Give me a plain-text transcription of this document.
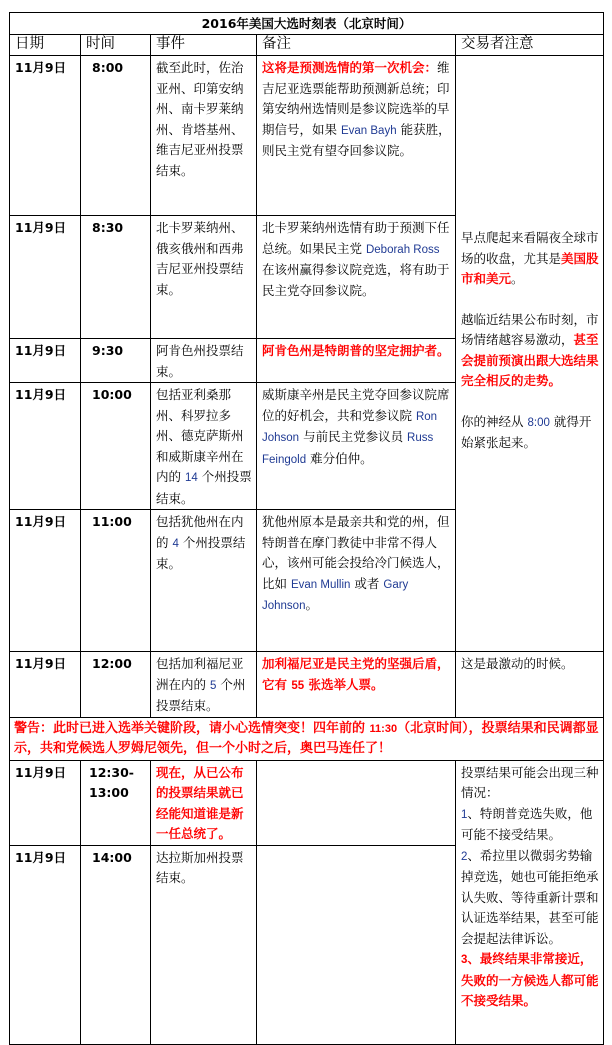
2016年美国大选时刻表（北京时间）				
日期	时间	事件	备注	交易者注意
11月9日	8:00	截至此时，佐治亚州、印第安纳州、南卡罗莱纳州、肯塔基州、维吉尼亚州投票结束。	这将是预测选情的第一次机会：维吉尼亚选票能帮助预测新总统；印第安纳州选情则是参议院选举的早期信号，如果 Evan Bayh 能获胜，则民主党有望夺回参议院。	早点爬起来看隔夜全球市场的收盘，尤其是美国股市和美元。

越临近结果公布时刻，市场情绪越容易激动，甚至会提前预演出跟大选结果完全相反的走势。

你的神经从 8:00 就得开始紧张起来。

11月9日	8:30	北卡罗莱纳州、俄亥俄州和西弗吉尼亚州投票结束。	北卡罗莱纳州选情有助于预测下任总统。如果民主党 Deborah Ross 在该州赢得参议院竞选，将有助于民主党夺回参议院。	
11月9日	9:30	阿肯色州投票结束。	阿肯色州是特朗普的坚定拥护者。	
11月9日	10:00	包括亚利桑那州、科罗拉多州、德克萨斯州和威斯康辛州在内的 14 个州投票结束。	威斯康辛州是民主党夺回参议院席位的好机会，共和党参议院 Ron Johson 与前民主党参议员 Russ Feingold 难分伯仲。	
11月9日	11:00	包括犹他州在内的 4 个州投票结束。	犹他州原本是最亲共和党的州，但特朗普在摩门教徒中非常不得人心，该州可能会投给冷门候选人，比如 Evan Mullin 或者 Gary Johnson。	
11月9日	12:00	包括加利福尼亚洲在内的 5 个州投票结束。	加利福尼亚是民主党的坚强后盾，它有 55 张选举人票。	这是最激动的时候。
警告：此时已进入选举关键阶段，请小心选情突变！四年前的 11:30（北京时间），投票结果和民调都显示，共和党候选人罗姆尼领先，但一个小时之后，奥巴马连任了！				
11月9日	12:30-13:00	现在，从已公布的投票结果就已经能知道谁是新一任总统了。		投票结果可能会出现三种情况：

1、特朗普竞选失败，他可能不接受结果。

2、希拉里以微弱劣势输掉竞选，她也可能拒绝承认失败、等待重新计票和认证选举结果，甚至可能会提起法律诉讼。

3、最终结果非常接近，失败的一方候选人都可能不接受结果。

11月9日	14:00	达拉斯加州投票结束。		
